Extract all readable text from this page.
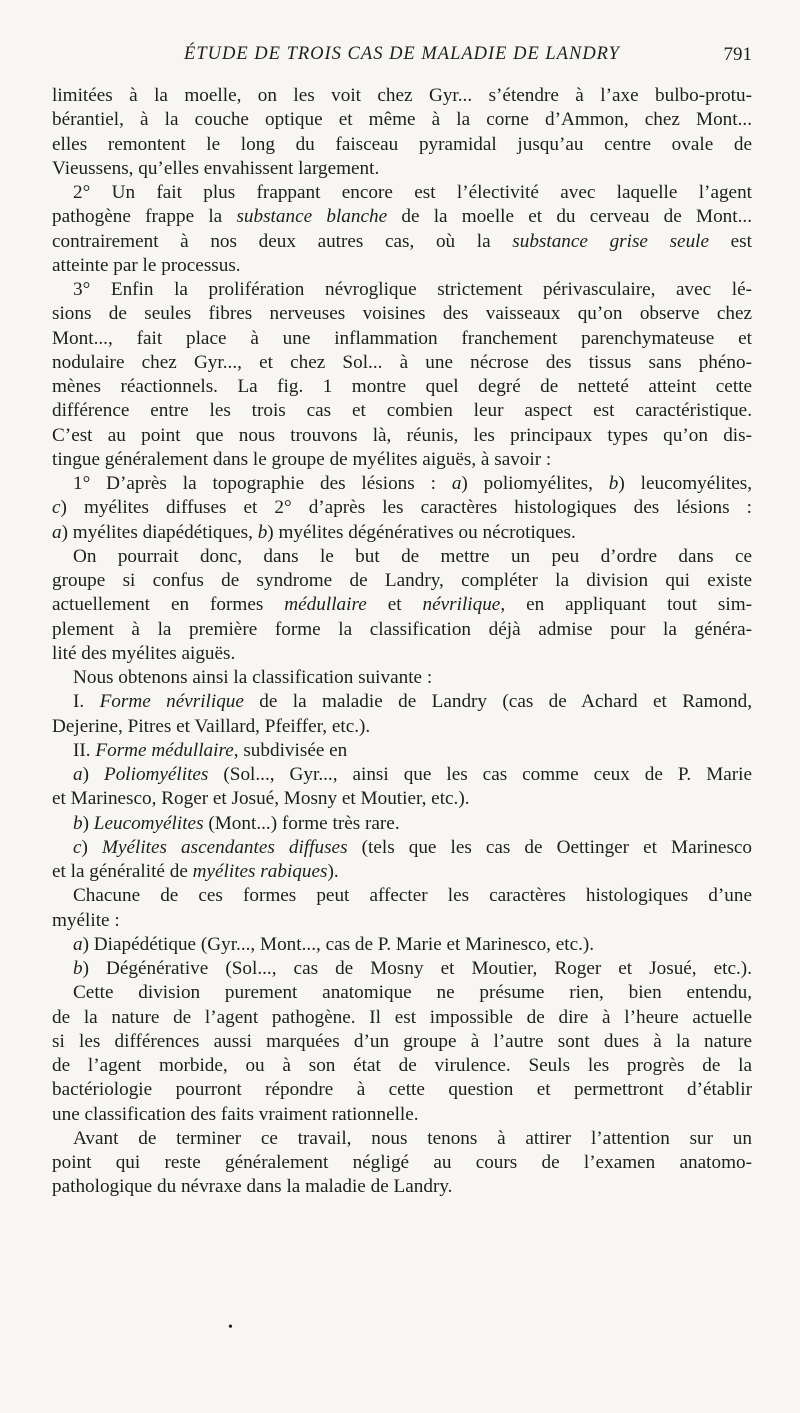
ÉTUDE DE TROIS CAS DE MALADIE DE LANDRY	791
limitées à la moelle, on les voit chez Gyr... s’étendre à l’axe bulbo-protu-
bérantiel, à la couche optique et même à la corne d’Ammon, chez Mont...
elles remontent le long du faisceau pyramidal jusqu’au centre ovale de
Vieussens, qu’elles envahissent largement.
2° Un fait plus frappant encore est l’électivité avec laquelle l’agent
pathogène frappe la substance blanche de la moelle et du cerveau de Mont...
contrairement à nos deux autres cas, où la substance grise seule est
atteinte par le processus.
3° Enfin la prolifération névroglique strictement périvasculaire, avec lé-
sions de seules fibres nerveuses voisines des vaisseaux qu’on observe chez
Mont..., fait place à une inflammation franchement parenchymateuse et
nodulaire chez Gyr..., et chez Sol... à une nécrose des tissus sans phéno-
mènes réactionnels. La fig. 1 montre quel degré de netteté atteint cette
différence entre les trois cas et combien leur aspect est caractéristique.
C’est au point que nous trouvons là, réunis, les principaux types qu’on dis-
tingue généralement dans le groupe de myélites aiguës, à savoir :
1° D’après la topographie des lésions : a) poliomyélites, b) leucomyélites,
c) myélites diffuses et 2° d’après les caractères histologiques des lésions :
a) myélites diapédétiques, b) myélites dégénératives ou nécrotiques.
On pourrait donc, dans le but de mettre un peu d’ordre dans ce
groupe si confus de syndrome de Landry, compléter la division qui existe
actuellement en formes médullaire et névrilique, en appliquant tout sim-
plement à la première forme la classification déjà admise pour la généra-
lité des myélites aiguës.
Nous obtenons ainsi la classification suivante :
I. Forme névrilique de la maladie de Landry (cas de Achard et Ramond,
Dejerine, Pitres et Vaillard, Pfeiffer, etc.).
II. Forme médullaire, subdivisée en
a) Poliomyélites (Sol..., Gyr..., ainsi que les cas comme ceux de P. Marie
et Marinesco, Roger et Josué, Mosny et Moutier, etc.).
b) Leucomyélites (Mont...) forme très rare.
c) Myélites ascendantes diffuses (tels que les cas de Oettinger et Marinesco
et la généralité de myélites rabiques).
Chacune de ces formes peut affecter les caractères histologiques d’une
myélite :
a) Diapédétique (Gyr..., Mont..., cas de P. Marie et Marinesco, etc.).
b) Dégénérative (Sol..., cas de Mosny et Moutier, Roger et Josué, etc.).
Cette division purement anatomique ne présume rien, bien entendu,
de la nature de l’agent pathogène. Il est impossible de dire à l’heure actuelle
si les différences aussi marquées d’un groupe à l’autre sont dues à la nature
de l’agent morbide, ou à son état de virulence. Seuls les progrès de la
bactériologie pourront répondre à cette question et permettront d’établir
une classification des faits vraiment rationnelle.
Avant de terminer ce travail, nous tenons à attirer l’attention sur un
point qui reste généralement négligé au cours de l’examen anatomo-
pathologique du névraxe dans la maladie de Landry.
•
